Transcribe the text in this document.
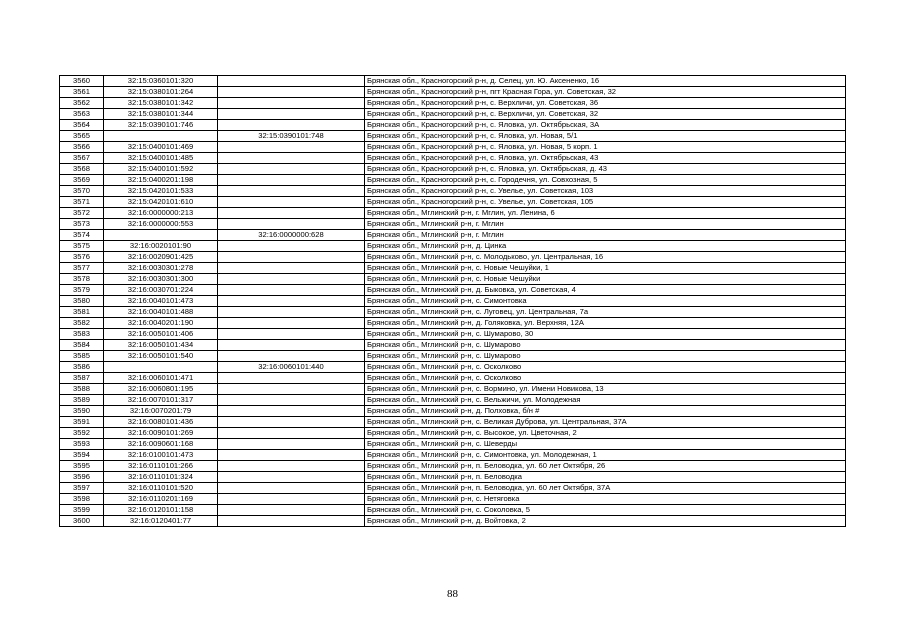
3560	32:15:0360101:320		Брянская обл., Красногорский р-н, д. Селец, ул. Ю. Аксененко, 16
3561	32:15:0380101:264		Брянская обл., Красногорский р-н, пгт Красная Гора, ул. Советская, 32
3562	32:15:0380101:342		Брянская обл., Красногорский р-н, с. Верхличи, ул. Советская, 36
3563	32:15:0380101:344		Брянская обл., Красногорский р-н, с. Верхличи, ул. Советская, 32
3564	32:15:0390101:746		Брянская обл., Красногорский р-н, с. Яловка, ул. Октябрьская, 3А
3565		32:15:0390101:748	Брянская обл., Красногорский р-н, с. Яловка, ул. Новая, 5/1
3566	32:15:0400101:469		Брянская обл., Красногорский р-н, с. Яловка, ул. Новая, 5 корп. 1
3567	32:15:0400101:485		Брянская обл., Красногорский р-н, с. Яловка, ул. Октябрьская, 43
3568	32:15:0400101:592		Брянская обл., Красногорский р-н, с. Яловка, ул. Октябрьская, д. 43
3569	32:15:0400201:198		Брянская обл., Красногорский р-н, с. Городечня, ул. Совхозная, 5
3570	32:15:0420101:533		Брянская обл., Красногорский р-н, с. Увелье, ул. Советская, 103
3571	32:15:0420101:610		Брянская обл., Красногорский р-н, с. Увелье, ул. Советская, 105
3572	32:16:0000000:213		Брянская обл., Мглинский р-н, г. Мглин, ул. Ленина, 6
3573	32:16:0000000:553		Брянская обл., Мглинский р-н, г. Мглин
3574		32:16:0000000:628	Брянская обл., Мглинский р-н, г. Мглин
3575	32:16:0020101:90		Брянская обл., Мглинский р-н, д. Цинка
3576	32:16:0020901:425		Брянская обл., Мглинский р-н, с. Молодьково, ул. Центральная, 16
3577	32:16:0030301:278		Брянская обл., Мглинский р-н, с. Новые Чешуйки, 1
3578	32:16:0030301:300		Брянская обл., Мглинский р-н, с. Новые Чешуйки
3579	32:16:0030701:224		Брянская обл., Мглинский р-н, д. Быковка, ул. Советская, 4
3580	32:16:0040101:473		Брянская обл., Мглинский р-н, с. Симонтовка
3581	32:16:0040101:488		Брянская обл., Мглинский р-н, с. Луговец, ул. Центральная, 7а
3582	32:16:0040201:190		Брянская обл., Мглинский р-н, д. Голяковка, ул. Верхняя, 12А
3583	32:16:0050101:406		Брянская обл., Мглинский р-н, с. Шумарово, 30
3584	32:16:0050101:434		Брянская обл., Мглинский р-н, с. Шумарово
3585	32:16:0050101:540		Брянская обл., Мглинский р-н, с. Шумарово
3586		32:16:0060101:440	Брянская обл., Мглинский р-н, с. Осколково
3587	32:16:0060101:471		Брянская обл., Мглинский р-н, с. Осколково
3588	32:16:0060801:195		Брянская обл., Мглинский р-н, с. Вормино, ул. Имени Новикова, 13
3589	32:16:0070101:317		Брянская обл., Мглинский р-н, с. Вельжичи, ул. Молодежная
3590	32:16:0070201:79		Брянская обл., Мглинский р-н, д. Полховка, б/н #
3591	32:16:0080101:436		Брянская обл., Мглинский р-н, с. Великая Дуброва, ул. Центральная, 37А
3592	32:16:0090101:269		Брянская обл., Мглинский р-н, с. Высокое, ул. Цветочная, 2
3593	32:16:0090601:168		Брянская обл., Мглинский р-н, с. Шеверды
3594	32:16:0100101:473		Брянская обл., Мглинский р-н, с. Симонтовка, ул. Молодежная, 1
3595	32:16:0110101:266		Брянская обл., Мглинский р-н, п. Беловодка, ул. 60 лет Октября, 26
3596	32:16:0110101:324		Брянская обл., Мглинский р-н, п. Беловодка
3597	32:16:0110101:520		Брянская обл., Мглинский р-н, п. Беловодка, ул. 60 лет Октября, 37А
3598	32:16:0110201:169		Брянская обл., Мглинский р-н, с. Нетяговка
3599	32:16:0120101:158		Брянская обл., Мглинский р-н, с. Соколовка, 5
3600	32:16:0120401:77		Брянская обл., Мглинский р-н, д. Войтовка, 2
88
